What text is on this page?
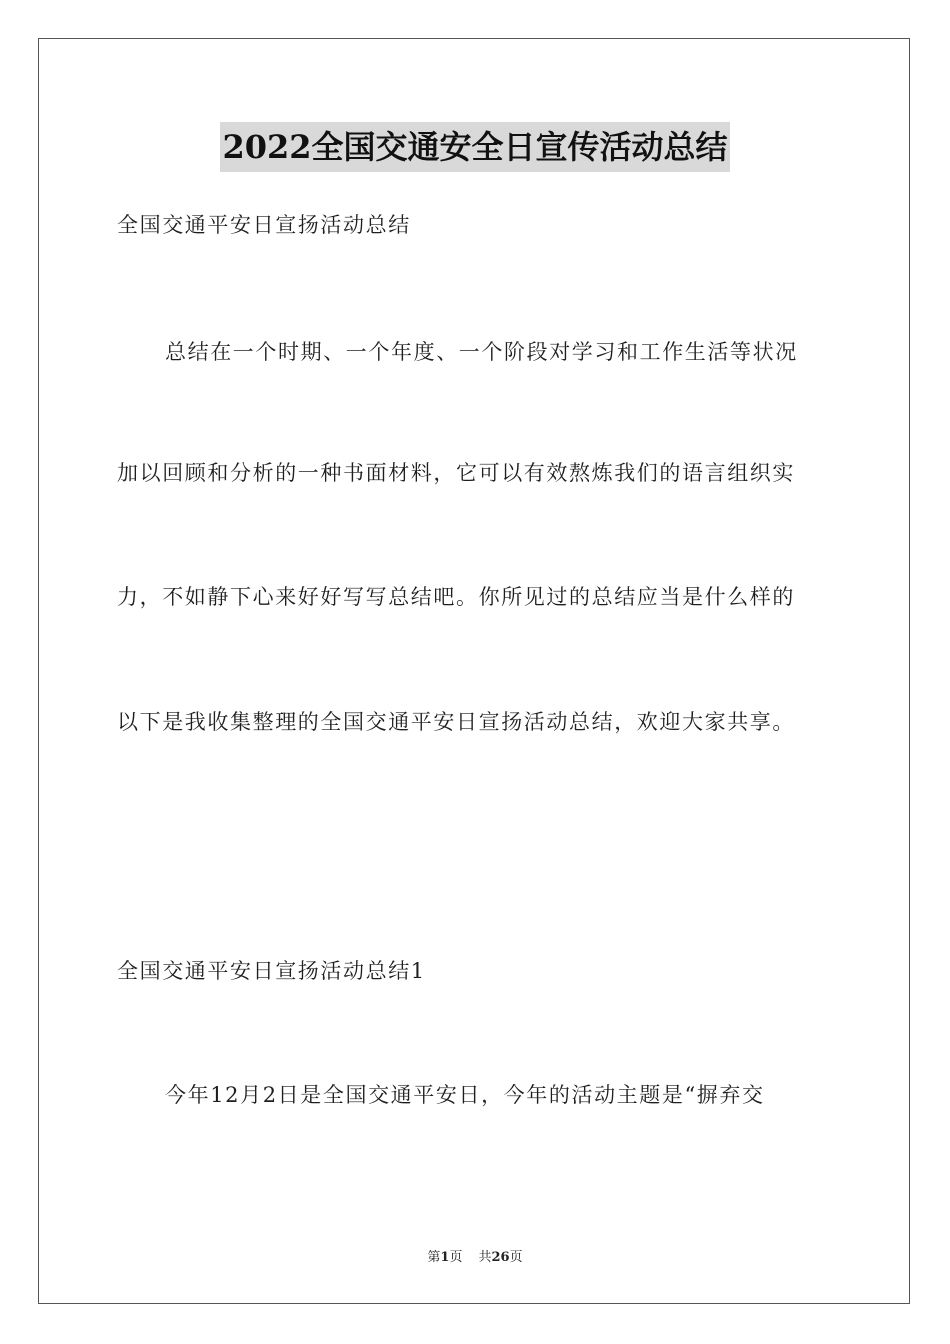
2022全国交通安全日宣传活动总结
全国交通平安日宣扬活动总结
总结在一个时期、一个年度、一个阶段对学习和工作生活等状况
加以回顾和分析的一种书面材料，它可以有效熬炼我们的语言组织实
力，不如静下心来好好写写总结吧。你所见过的总结应当是什么样的
以下是我收集整理的全国交通平安日宣扬活动总结，欢迎大家共享。
全国交通平安日宣扬活动总结1
今年12月2日是全国交通平安日，今年的活动主题是“摒弃交
第1页 共26页
